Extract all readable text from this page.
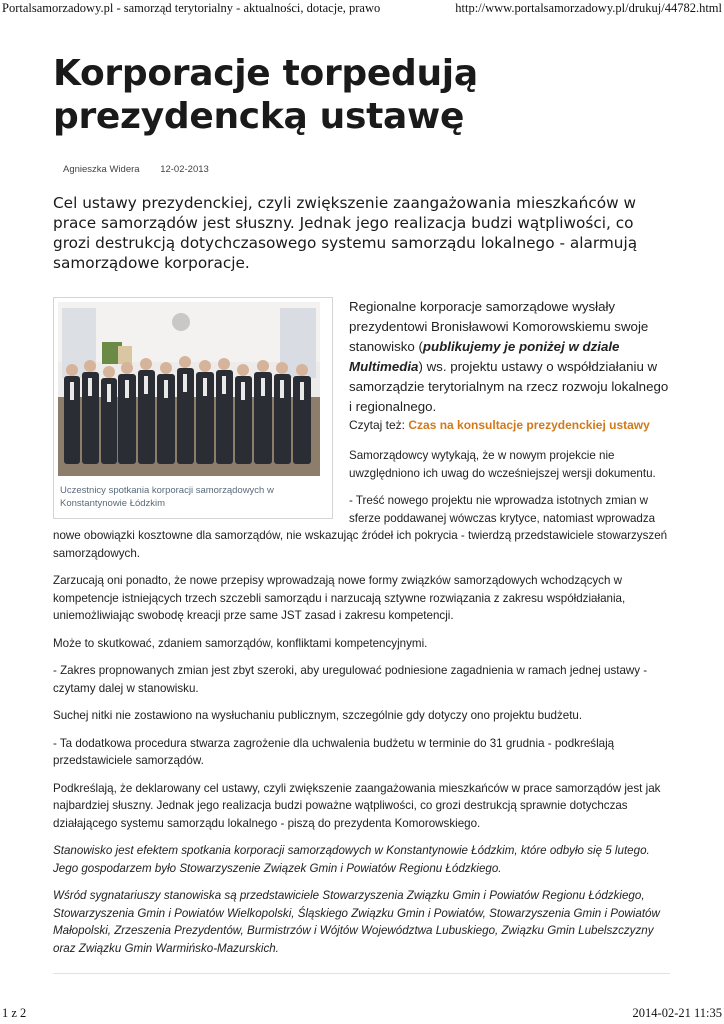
Portalsamorzadowy.pl - samorząd terytorialny - aktualności, dotacje, prawo	http://www.portalsamorzadowy.pl/drukuj/44782.html
Korporacje torpedują prezydencką ustawę
Agnieszka Widera 12-02-2013
Cel ustawy prezydenckiej, czyli zwiększenie zaangażowania mieszkańców w prace samorządów jest słuszny. Jednak jego realizacja budzi wątpliwości, co grozi destrukcją dotychczasowego systemu samorządu lokalnego - alarmują samorządowe korporacje.
Uczestnicy spotkania korporacji samorządowych w Konstantynowie Łódzkim

Regionalne korporacje samorządowe wysłały prezydentowi Bronisławowi Komorowskiemu swoje stanowisko (publikujemy je poniżej w dziale Multimedia) ws. projektu ustawy o współdziałaniu w samorządzie terytorialnym na rzecz rozwoju lokalnego i regionalnego.

Czytaj też: Czas na konsultacje prezydenckiej ustawy

Samorządowcy wytykają, że w nowym projekcie nie uwzględniono ich uwag do wcześniejszej wersji dokumentu.

- Treść nowego projektu nie wprowadza istotnych zmian w sferze poddawanej wówczas krytyce, natomiast wprowadza nowe obowiązki kosztowne dla samorządów, nie wskazując źródeł ich pokrycia - twierdzą przedstawiciele stowarzyszeń samorządowych.

Zarzucają oni ponadto, że nowe przepisy wprowadzają nowe formy związków samorządowych wchodzących w kompetencje istniejących trzech szczebli samorządu i narzucają sztywne rozwiązania z zakresu współdziałania, uniemożliwiając swobodę kreacji prze same JST zasad i zakresu kompetencji.

Może to skutkować, zdaniem samorządów, konfliktami kompetencyjnymi.

- Zakres propnowanych zmian jest zbyt szeroki, aby uregulować podniesione zagadnienia w ramach jednej ustawy - czytamy dalej w stanowisku.

Suchej nitki nie zostawiono na wysłuchaniu publicznym, szczególnie gdy dotyczy ono projektu budżetu.

- Ta dodatkowa procedura stwarza zagrożenie dla uchwalenia budżetu w terminie do 31 grudnia - podkreślają przedstawiciele samorządów.

Podkreślają, że deklarowany cel ustawy, czyli zwiększenie zaangażowania mieszkańców w prace samorządów jest jak najbardziej słuszny. Jednak jego realizacja budzi poważne wątpliwości, co grozi destrukcją sprawnie dotychczas działającego systemu samorządu lokalnego - piszą do prezydenta Komorowskiego.

Stanowisko jest efektem spotkania korporacji samorządowych w Konstantynowie Łódzkim, które odbyło się 5 lutego. Jego gospodarzem było Stowarzyszenie Związek Gmin i Powiatów Regionu Łódzkiego.

Wśród sygnatariuszy stanowiska są przedstawiciele Stowarzyszenia Związku Gmin i Powiatów Regionu Łódzkiego, Stowarzyszenia Gmin i Powiatów Wielkopolski, Śląskiego Związku Gmin i Powiatów, Stowarzyszenia Gmin i Powiatów Małopolski, Zrzeszenia Prezydentów, Burmistrzów i Wójtów Województwa Lubuskiego, Związku Gmin Lubelszczyzny oraz Związku Gmin Warmińsko-Mazurskich.

1 z 2	2014-02-21 11:35
